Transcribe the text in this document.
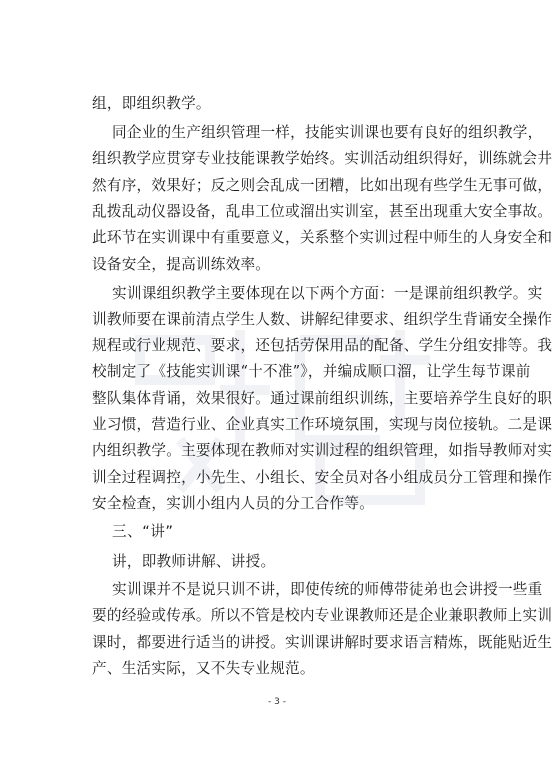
组，即组织教学。
同企业的生产组织管理一样，技能实训课也要有良好的组织教学，
组织教学应贯穿专业技能课教学始终。实训活动组织得好，训练就会井
然有序，效果好；反之则会乱成一团糟，比如出现有些学生无事可做，
乱拨乱动仪器设备，乱串工位或溜出实训室，甚至出现重大安全事故。
此环节在实训课中有重要意义，关系整个实训过程中师生的人身安全和
设备安全，提高训练效率。
实训课组织教学主要体现在以下两个方面：一是课前组织教学。实
训教师要在课前清点学生人数、讲解纪律要求、组织学生背诵安全操作
规程或行业规范、要求，还包括劳保用品的配备、学生分组安排等。我
校制定了《技能实训课“十不准”》，并编成顺口溜，让学生每节课前
整队集体背诵，效果很好。通过课前组织训练，主要培养学生良好的职
业习惯，营造行业、企业真实工作环境氛围，实现与岗位接轨。二是课
内组织教学。主要体现在教师对实训过程的组织管理，如指导教师对实
训全过程调控，小先生、小组长、安全员对各小组成员分工管理和操作
安全检查，实训小组内人员的分工合作等。
三、“讲”
讲，即教师讲解、讲授。
实训课并不是说只训不讲，即使传统的师傅带徒弟也会讲授一些重
要的经验或传承。所以不管是校内专业课教师还是企业兼职教师上实训
课时，都要进行适当的讲授。实训课讲解时要求语言精炼，既能贴近生
产、生活实际，又不失专业规范。
- 3 -
